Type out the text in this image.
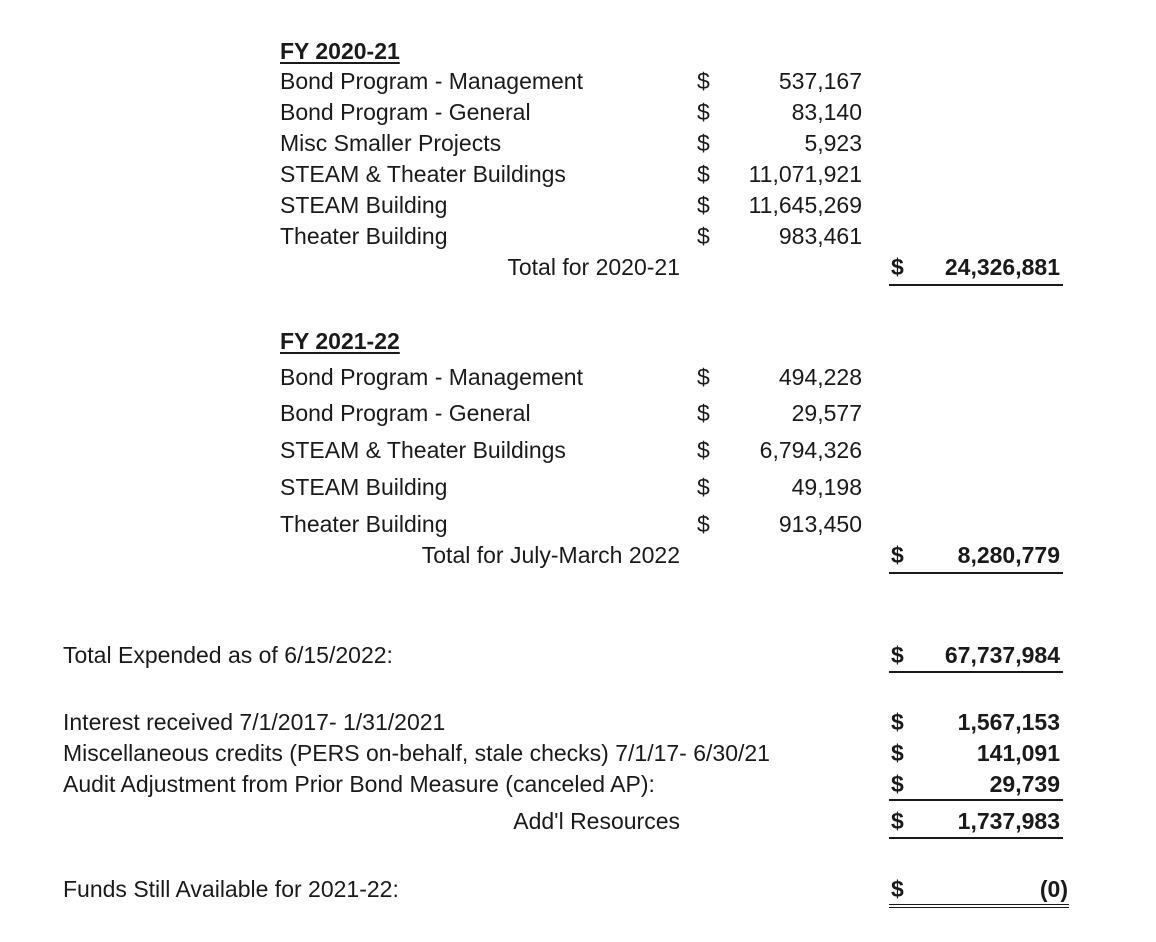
FY 2020-21
Bond Program - Management	$	537,167
Bond Program - General	$	83,140
Misc Smaller Projects	$	5,923
STEAM & Theater Buildings	$	11,071,921
STEAM Building	$	11,645,269
Theater Building	$	983,461
Total for 2020-21	$	24,326,881
FY 2021-22
Bond Program - Management	$	494,228
Bond Program - General	$	29,577
STEAM & Theater Buildings	$	6,794,326
STEAM Building	$	49,198
Theater Building	$	913,450
Total for July-March 2022	$	8,280,779
Total Expended as of 6/15/2022:	$	67,737,984
Interest received 7/1/2017- 1/31/2021	$	1,567,153
Miscellaneous credits (PERS on-behalf, stale checks) 7/1/17- 6/30/21	$	141,091
Audit Adjustment from Prior Bond Measure (canceled AP):	$	29,739
Add'l Resources	$	1,737,983
Funds Still Available for 2021-22:	$	(0)
